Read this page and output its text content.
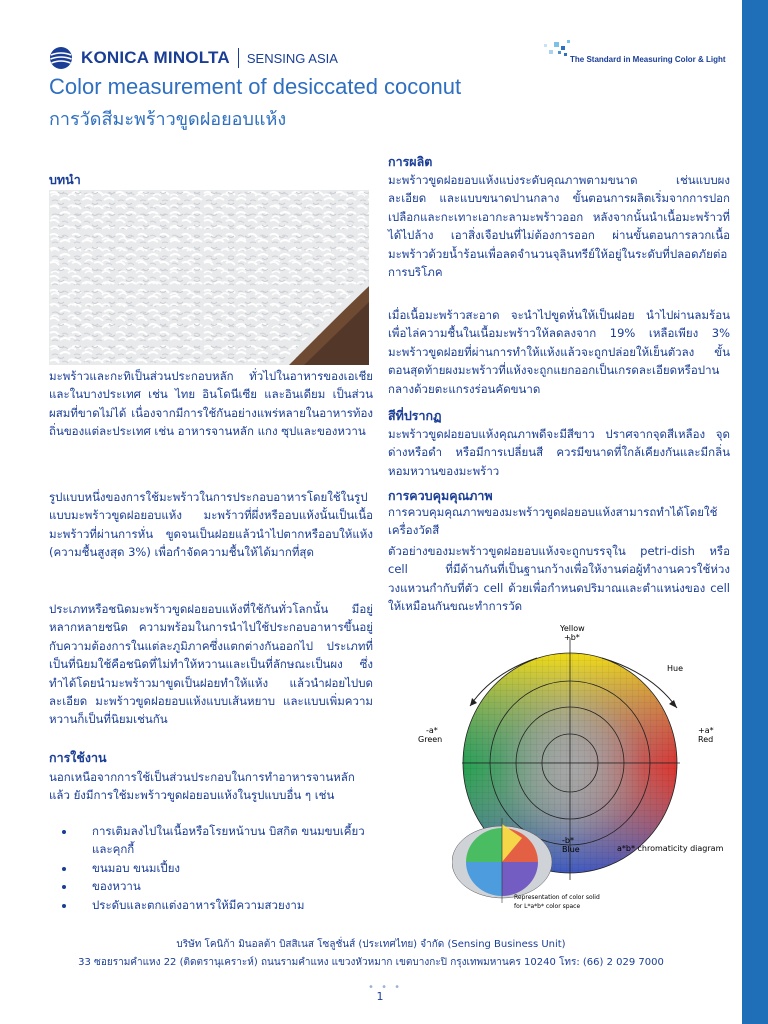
KONICA MINOLTA SENSING ASIA	The Standard in Measuring Color & Light
Color measurement of desiccated coconut
การวัดสีมะพร้าวขูดฝอยอบแห้ง
บทนำ
มะพร้าวและกะทิเป็นส่วนประกอบหลัก ทั่วไปในอาหารของเอเชีย และในบางประเทศ เช่น ไทย อินโดนีเซีย และอินเดียม เป็นส่วนผสมที่ขาดไม่ได้ เนื่องจากมีการใช้กันอย่างแพร่หลายในอาหารท้องถิ่นของแต่ละประเทศ เช่น อาหารจานหลัก แกง ซุปและของหวาน
รูปแบบหนึ่งของการใช้มะพร้าวในการประกอบอาหารโดยใช้ในรูปแบบมะพร้าวขูดฝอยอบแห้ง มะพร้าวที่ผึ่งหรืออบแห้งนั้นเป็นเนื้อมะพร้าวที่ผ่านการหั่น ขูดจนเป็นฝอยแล้วนำไปตากหรืออบให้แห้ง (ความชื้นสูงสุด 3%) เพื่อกำจัดความชื้นให้ได้มากที่สุด
ประเภทหรือชนิดมะพร้าวขูดฝอยอบแห้งที่ใช้กันทั่วโลกนั้น มีอยู่หลากหลายชนิด ความพร้อมในการนำไปใช้ประกอบอาหารขึ้นอยู่กับความต้องการในแต่ละภูมิภาคซึ่งแตกต่างกันออกไป ประเภทที่เป็นที่นิยมใช้คือชนิดที่ไม่ทำให้หวานและเป็นที่ลักษณะเป็นผง ซึ่งทำได้โดยนำมะพร้าวมาขูดเป็นฝอยทำให้แห้ง แล้วนำฝอยไปบดละเอียด มะพร้าวขูดฝอยอบแห้งแบบเส้นหยาบ และแบบเพิ่มความหวานก็เป็นที่นิยมเช่นกัน
การใช้งาน
นอกเหนือจากการใช้เป็นส่วนประกอบในการทำอาหารจานหลักแล้ว ยังมีการใช้มะพร้าวขูดฝอยอบแห้งในรูปแบบอื่น ๆ เช่น
• การเติมลงไปในเนื้อหรือโรยหน้าบน บิสกิต ขนมขบเคี้ยวและคุกกี้
• ขนมอบ ขนมเปี้ยง
• ของหวาน
• ประดับและตกแต่งอาหารให้มีความสวยงาม
การผลิต
มะพร้าวขูดฝอยอบแห้งแบ่งระดับคุณภาพตามขนาด เช่นแบบผงละเอียด และแบบขนาดปานกลาง ขั้นตอนการผลิตเริ่มจากการปอกเปลือกและกะเทาะเอากะลามะพร้าวออก หลังจากนั้นนำเนื้อมะพร้าวที่ได้ไปล้าง เอาสิ่งเจือปนที่ไม่ต้องการออก ผ่านขั้นตอนการลวกเนื้อมะพร้าวด้วยน้ำร้อนเพื่อลดจำนวนจุลินทรีย์ให้อยู่ในระดับที่ปลอดภัยต่อการบริโภค
เมื่อเนื้อมะพร้าวสะอาด จะนำไปขูดหั่นให้เป็นฝอย นำไปผ่านลมร้อนเพื่อไล่ความชื้นในเนื้อมะพร้าวให้ลดลงจาก 19% เหลือเพียง 3% มะพร้าวขูดฝอยที่ผ่านการทำให้แห้งแล้วจะถูกปล่อยให้เย็นตัวลง ขั้นตอนสุดท้ายผงมะพร้าวที่แห้งจะถูกแยกออกเป็นเกรดละเอียดหรือปานกลางด้วยตะแกรงร่อนคัดขนาด
สีที่ปรากฏ
มะพร้าวขูดฝอยอบแห้งคุณภาพดีจะมีสีขาว ปราศจากจุดสีเหลือง จุดด่างหรือดำ หรือมีการเปลี่ยนสี ควรมีขนาดที่ใกล้เคียงกันและมีกลิ่นหอมหวานของมะพร้าว
การควบคุมคุณภาพ
การควบคุมคุณภาพของมะพร้าวขูดฝอยอบแห้งสามารถทำได้โดยใช้เครื่องวัดสี
ตัวอย่างของมะพร้าวขูดฝอยอบแห้งจะถูกบรรจุใน petri-dish หรือ cell ที่มีด้านกันที่เป็นฐานกว้างเพื่อให้งานต่อผู้ทำงานควรใช้ห่วงวงแหวนกำกับที่ตัว cell ด้วยเพื่อกำหนดปริมาณและตำแหน่งของ cell ให้เหมือนกันขณะทำการวัด
Yellow
+b*
Hue
-a*
Green
+a*
Red
-b*
Blue	a*b* chromaticity diagram
Representation of color solid
for L*a*b* color space
บริษัท โคนิก้า มินอลต้า บิสสิเนส โซลูชั่นส์ (ประเทศไทย) จำกัด (Sensing Business Unit)
33 ซอยรามคำแหง 22 (ติดตรานุเคราะห์) ถนนรามคำแหง แขวงหัวหมาก เขตบางกะปิ กรุงเทพมหานคร 10240 โทร: (66) 2 029 7000
• • •
1
